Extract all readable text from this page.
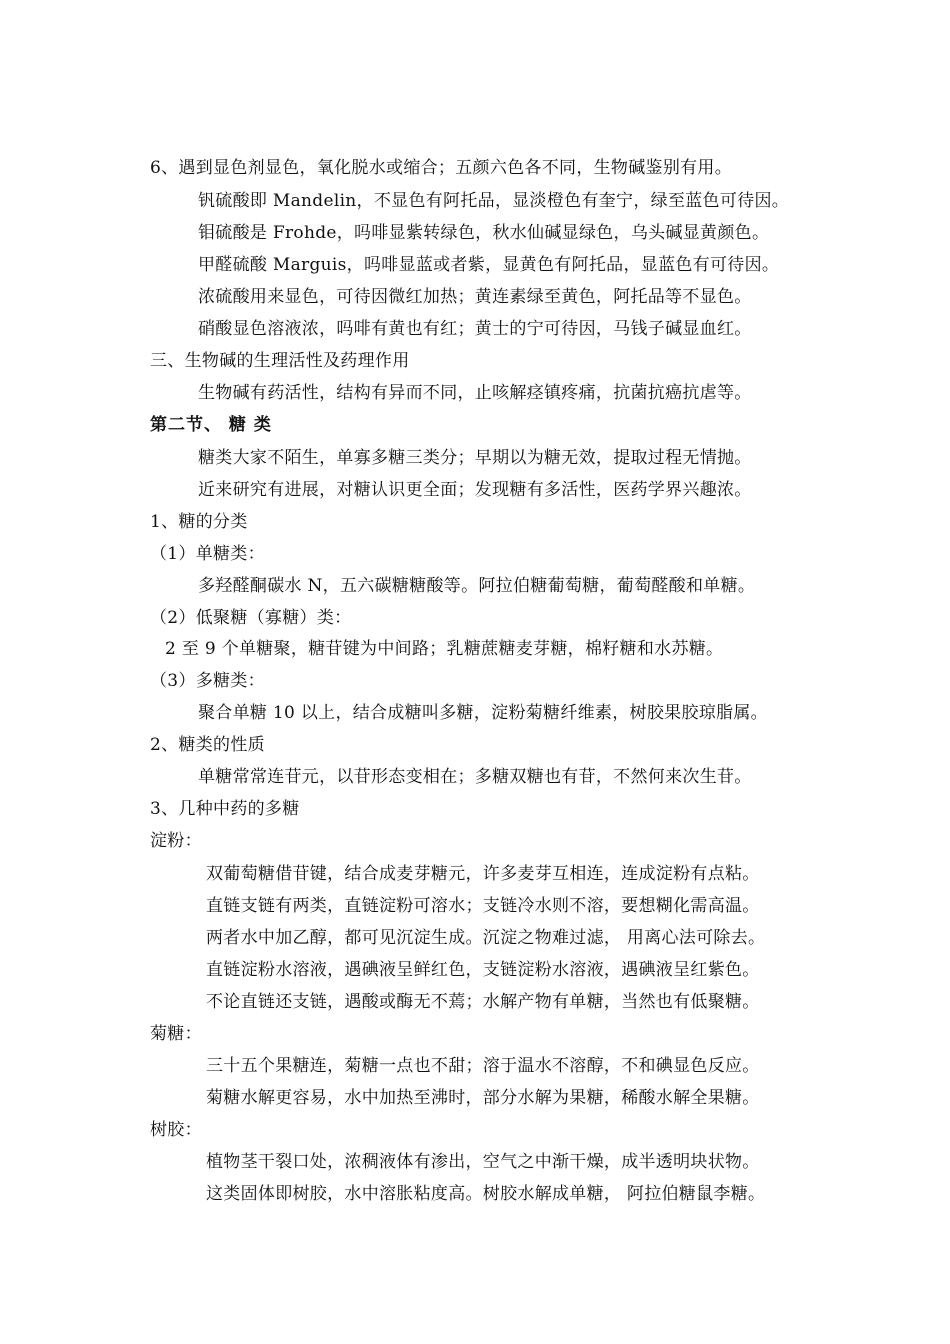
6、遇到显色剂显色，氧化脱水或缩合；五颜六色各不同，生物碱鉴别有用。

钒硫酸即 Mandelin，不显色有阿托品，显淡橙色有奎宁，绿至蓝色可待因。

钼硫酸是 Frohde，吗啡显紫转绿色，秋水仙碱显绿色，乌头碱显黄颜色。

甲醛硫酸 Marguis，吗啡显蓝或者紫，显黄色有阿托品，显蓝色有可待因。

浓硫酸用来显色，可待因微红加热；黄连素绿至黄色，阿托品等不显色。

硝酸显色溶液浓，吗啡有黄也有红；黄士的宁可待因，马钱子碱显血红。

三、生物碱的生理活性及药理作用

生物碱有药活性，结构有异而不同，止咳解痉镇疼痛，抗菌抗癌抗虐等。

第二节、 糖 类

糖类大家不陌生，单寡多糖三类分；早期以为糖无效，提取过程无情抛。

近来研究有进展，对糖认识更全面；发现糖有多活性，医药学界兴趣浓。

1、糖的分类

（1）单糖类：

多羟醛酮碳水 N，五六碳糖糖酸等。阿拉伯糖葡萄糖，葡萄醛酸和单糖。

（2）低聚糖（寡糖）类：

2 至 9 个单糖聚，糖苷键为中间路；乳糖蔗糖麦芽糖，棉籽糖和水苏糖。

（3）多糖类：

聚合单糖 10 以上，结合成糖叫多糖，淀粉菊糖纤维素，树胶果胶琼脂属。

2、糖类的性质

单糖常常连苷元，以苷形态变相在；多糖双糖也有苷，不然何来次生苷。

3、几种中药的多糖

淀粉：

双葡萄糖借苷键，结合成麦芽糖元，许多麦芽互相连，连成淀粉有点粘。

直链支链有两类，直链淀粉可溶水；支链冷水则不溶，要想糊化需高温。

两者水中加乙醇，都可见沉淀生成。沉淀之物难过滤， 用离心法可除去。

直链淀粉水溶液，遇碘液呈鲜红色，支链淀粉水溶液，遇碘液呈红紫色。

不论直链还支链，遇酸或酶无不蔫；水解产物有单糖，当然也有低聚糖。

菊糖：

三十五个果糖连，菊糖一点也不甜；溶于温水不溶醇，不和碘显色反应。

菊糖水解更容易，水中加热至沸时，部分水解为果糖，稀酸水解全果糖。

树胶：

植物茎干裂口处，浓稠液体有渗出，空气之中渐干燥，成半透明块状物。

这类固体即树胶，水中溶胀粘度高。树胶水解成单糖， 阿拉伯糖鼠李糖。
